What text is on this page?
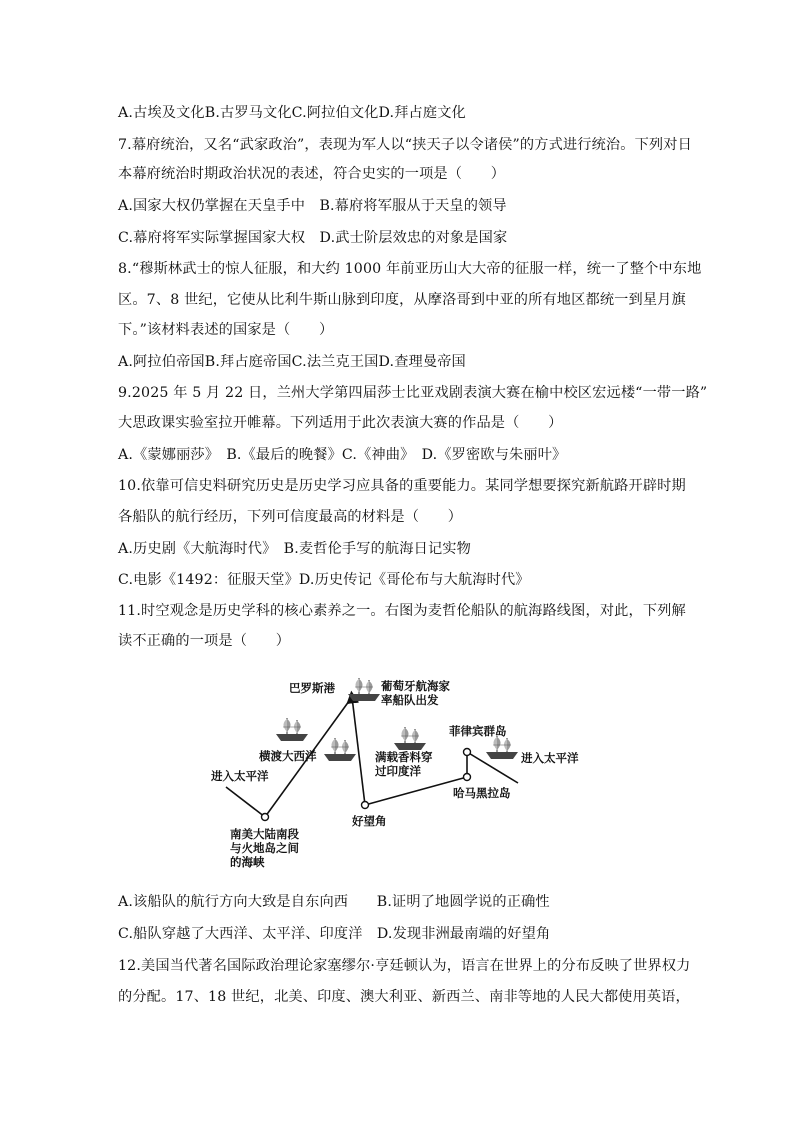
A.古埃及文化B.古罗马文化C.阿拉伯文化D.拜占庭文化
7.幕府统治，又名“武家政治”，表现为军人以“挟天子以令诸侯”的方式进行统治。下列对日
本幕府统治时期政治状况的表述，符合史实的一项是（　　）
A.国家大权仍掌握在天皇手中　B.幕府将军服从于天皇的领导
C.幕府将军实际掌握国家大权　D.武士阶层效忠的对象是国家
8.“穆斯林武士的惊人征服，和大约 1000 年前亚历山大大帝的征服一样，统一了整个中东地
区。7、8 世纪，它使从比利牛斯山脉到印度，从摩洛哥到中亚的所有地区都统一到星月旗
下。”该材料表述的国家是（　　）
A.阿拉伯帝国B.拜占庭帝国C.法兰克王国D.查理曼帝国
9.2025 年 5 月 22 日，兰州大学第四届莎士比亚戏剧表演大赛在榆中校区宏远楼“一带一路”
大思政课实验室拉开帷幕。下列适用于此次表演大赛的作品是（　　）
A.《蒙娜丽莎》　B.《最后的晚餐》C.《神曲》　D.《罗密欧与朱丽叶》
10.依靠可信史料研究历史是历史学习应具备的重要能力。某同学想要探究新航路开辟时期
各船队的航行经历，下列可信度最高的材料是（　　）
A.历史剧《大航海时代》　B.麦哲伦手写的航海日记实物
C.电影《1492：征服天堂》D.历史传记《哥伦布与大航海时代》
11.时空观念是历史学科的核心素养之一。右图为麦哲伦船队的航海路线图，对此，下列解
读不正确的一项是（　　）
巴罗斯港	葡萄牙航海家
率船队出发
菲律宾群岛
横渡大西洋	满载香料穿
过印度洋
进入太平洋
进入太平洋
哈马黑拉岛
好望角
南美大陆南段
与火地岛之间
的海峡
A.该船队的航行方向大致是自东向西　　B.证明了地圆学说的正确性
C.船队穿越了大西洋、太平洋、印度洋　D.发现非洲最南端的好望角
12.美国当代著名国际政治理论家塞缪尔·亨廷顿认为，语言在世界上的分布反映了世界权力
的分配。17、18 世纪，北美、印度、澳大利亚、新西兰、南非等地的人民大都使用英语，
